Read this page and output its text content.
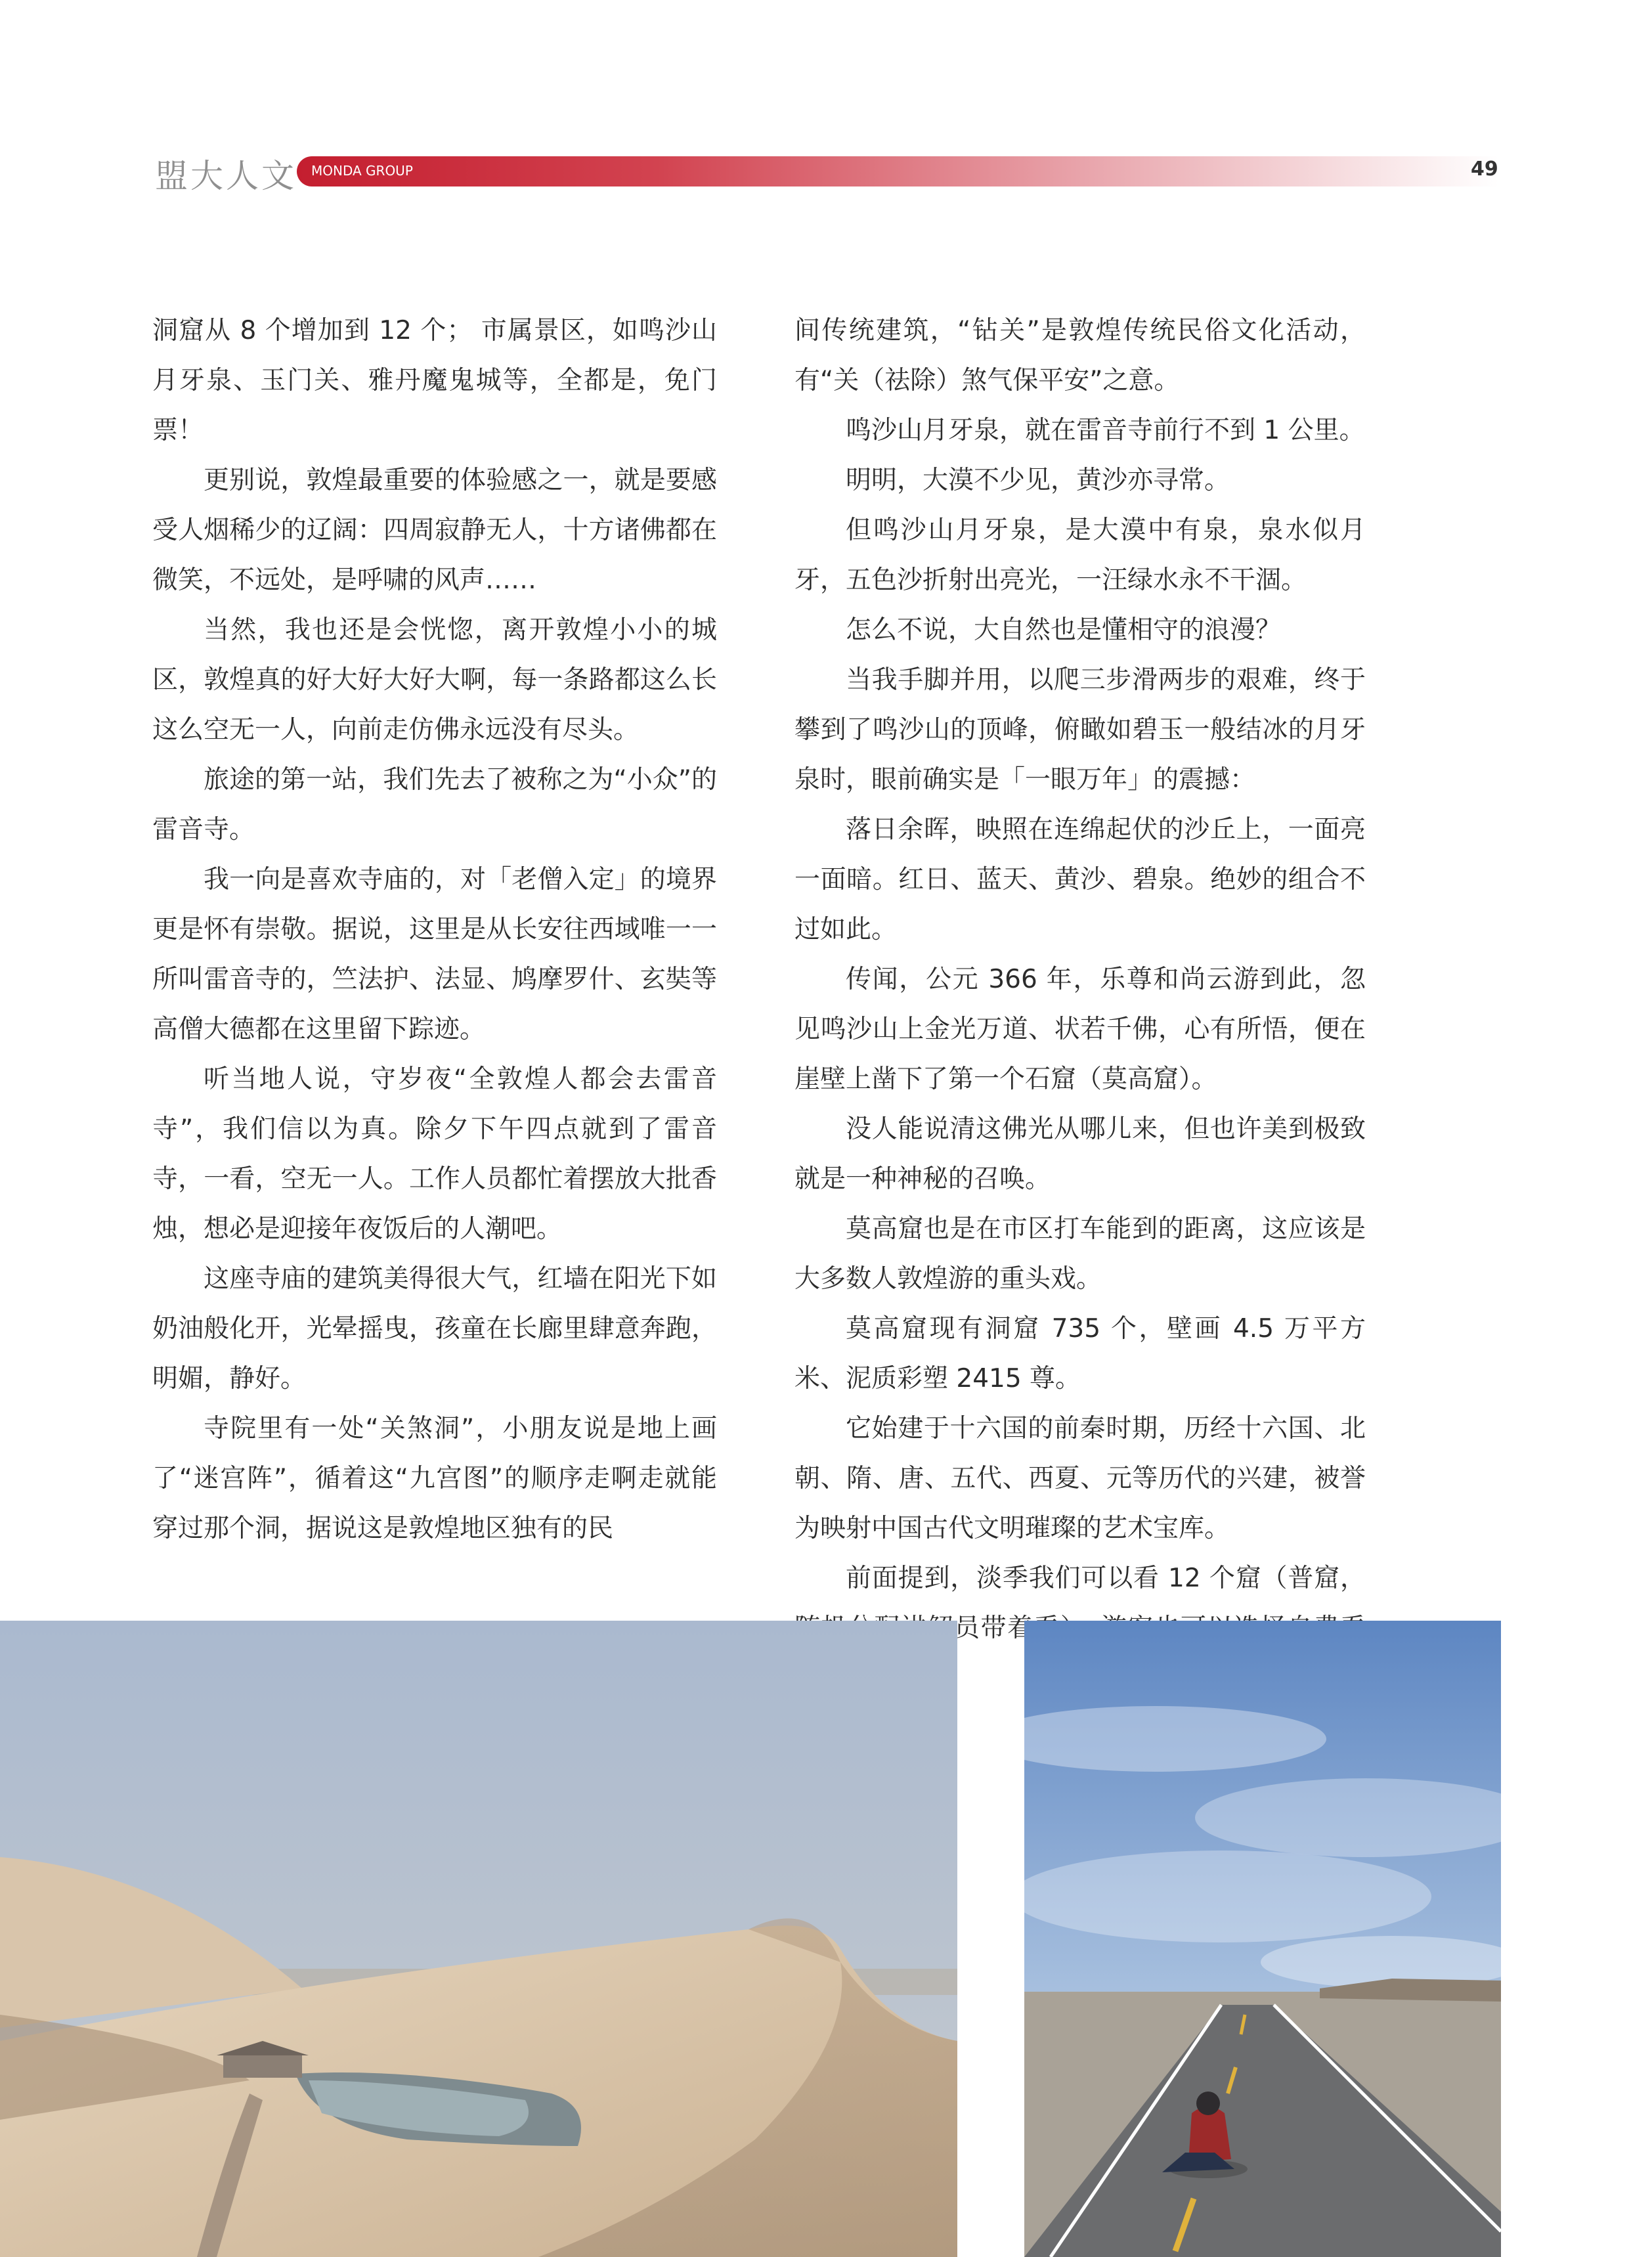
盟大人文 MONDA GROUP	49

洞窟从 8 个增加到 12 个； 市属景区，如鸣沙山月牙泉、玉门关、雅丹魔鬼城等，全都是，免门票！

更别说，敦煌最重要的体验感之一，就是要感受人烟稀少的辽阔：四周寂静无人，十方诸佛都在微笑，不远处，是呼啸的风声……

当然，我也还是会恍惚，离开敦煌小小的城区，敦煌真的好大好大好大啊，每一条路都这么长这么空无一人，向前走仿佛永远没有尽头。

旅途的第一站，我们先去了被称之为“小众”的雷音寺。

我一向是喜欢寺庙的，对「老僧入定」的境界更是怀有崇敬。据说，这里是从长安往西域唯一一所叫雷音寺的，竺法护、法显、鸠摩罗什、玄奘等高僧大德都在这里留下踪迹。

听当地人说，守岁夜“全敦煌人都会去雷音寺”，我们信以为真。除夕下午四点就到了雷音寺，一看，空无一人。工作人员都忙着摆放大批香烛，想必是迎接年夜饭后的人潮吧。

这座寺庙的建筑美得很大气，红墙在阳光下如奶油般化开，光晕摇曳，孩童在长廊里肆意奔跑，明媚，静好。

寺院里有一处“关煞洞”，小朋友说是地上画了“迷宫阵”，循着这“九宫图”的顺序走啊走就能穿过那个洞，据说这是敦煌地区独有的民

间传统建筑，“钻关”是敦煌传统民俗文化活动，有“关（祛除）煞气保平安”之意。

鸣沙山月牙泉，就在雷音寺前行不到 1 公里。

明明，大漠不少见，黄沙亦寻常。

但鸣沙山月牙泉，是大漠中有泉，泉水似月牙，五色沙折射出亮光，一汪绿水永不干涸。

怎么不说，大自然也是懂相守的浪漫？

当我手脚并用，以爬三步滑两步的艰难，终于攀到了鸣沙山的顶峰，俯瞰如碧玉一般结冰的月牙泉时，眼前确实是「一眼万年」的震撼：

落日余晖，映照在连绵起伏的沙丘上，一面亮一面暗。红日、蓝天、黄沙、碧泉。绝妙的组合不过如此。

传闻，公元 366 年，乐尊和尚云游到此，忽见鸣沙山上金光万道、状若千佛，心有所悟，便在崖壁上凿下了第一个石窟（莫高窟）。

没人能说清这佛光从哪儿来，但也许美到极致就是一种神秘的召唤。

莫高窟也是在市区打车能到的距离，这应该是大多数人敦煌游的重头戏。

莫高窟现有洞窟 735 个，壁画 4.5 万平方米、泥质彩塑 2415 尊。

它始建于十六国的前秦时期，历经十六国、北朝、隋、唐、五代、西夏、元等历代的兴建，被誉为映射中国古代文明璀璨的艺术宝库。

前面提到，淡季我们可以看 12 个窟（普窟， 解员带着
